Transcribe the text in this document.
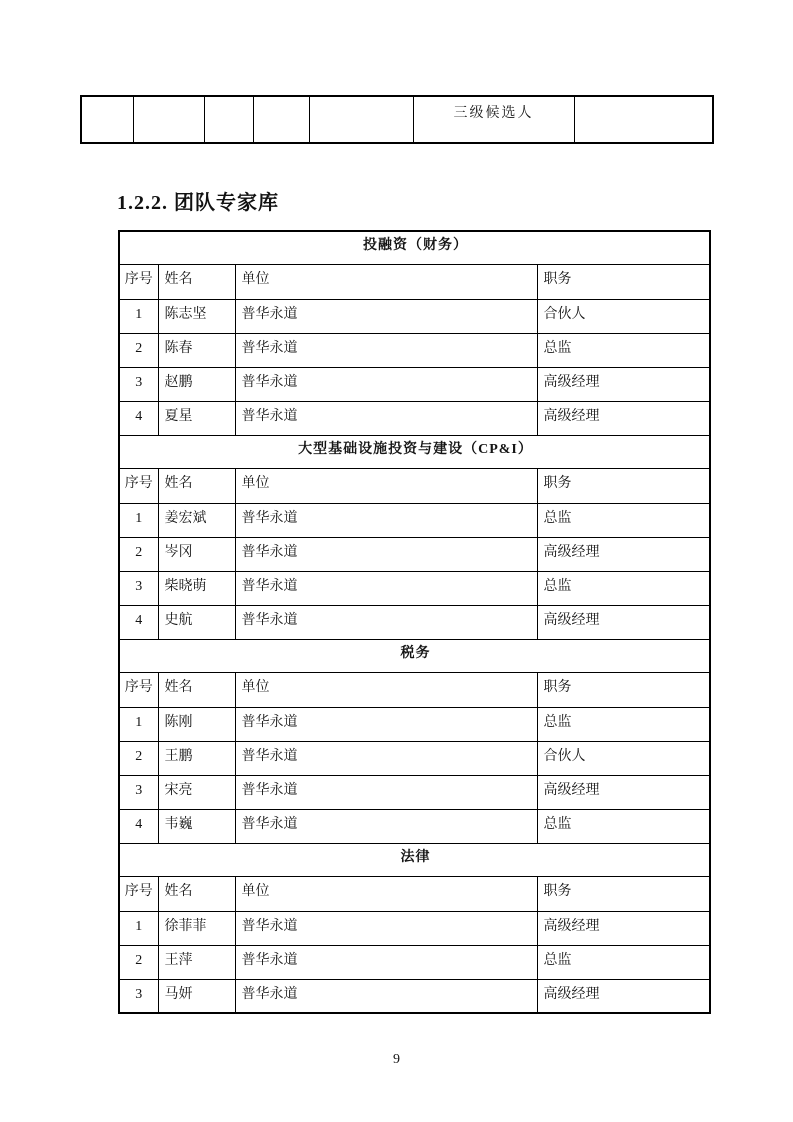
					三级候选人	
1.2.2. 团队专家库
投融资（财务）			
序号	姓名	单位	职务
1	陈志坚	普华永道	合伙人
2	陈春	普华永道	总监
3	赵鹏	普华永道	高级经理
4	夏星	普华永道	高级经理
大型基础设施投资与建设（CP&I）			
序号	姓名	单位	职务
1	姜宏斌	普华永道	总监
2	岑冈	普华永道	高级经理
3	柴晓萌	普华永道	总监
4	史航	普华永道	高级经理
税务			
序号	姓名	单位	职务
1	陈刚	普华永道	总监
2	王鹏	普华永道	合伙人
3	宋亮	普华永道	高级经理
4	韦巍	普华永道	总监
法律			
序号	姓名	单位	职务
1	徐菲菲	普华永道	高级经理
2	王萍	普华永道	总监
3	马妍	普华永道	高级经理
9
